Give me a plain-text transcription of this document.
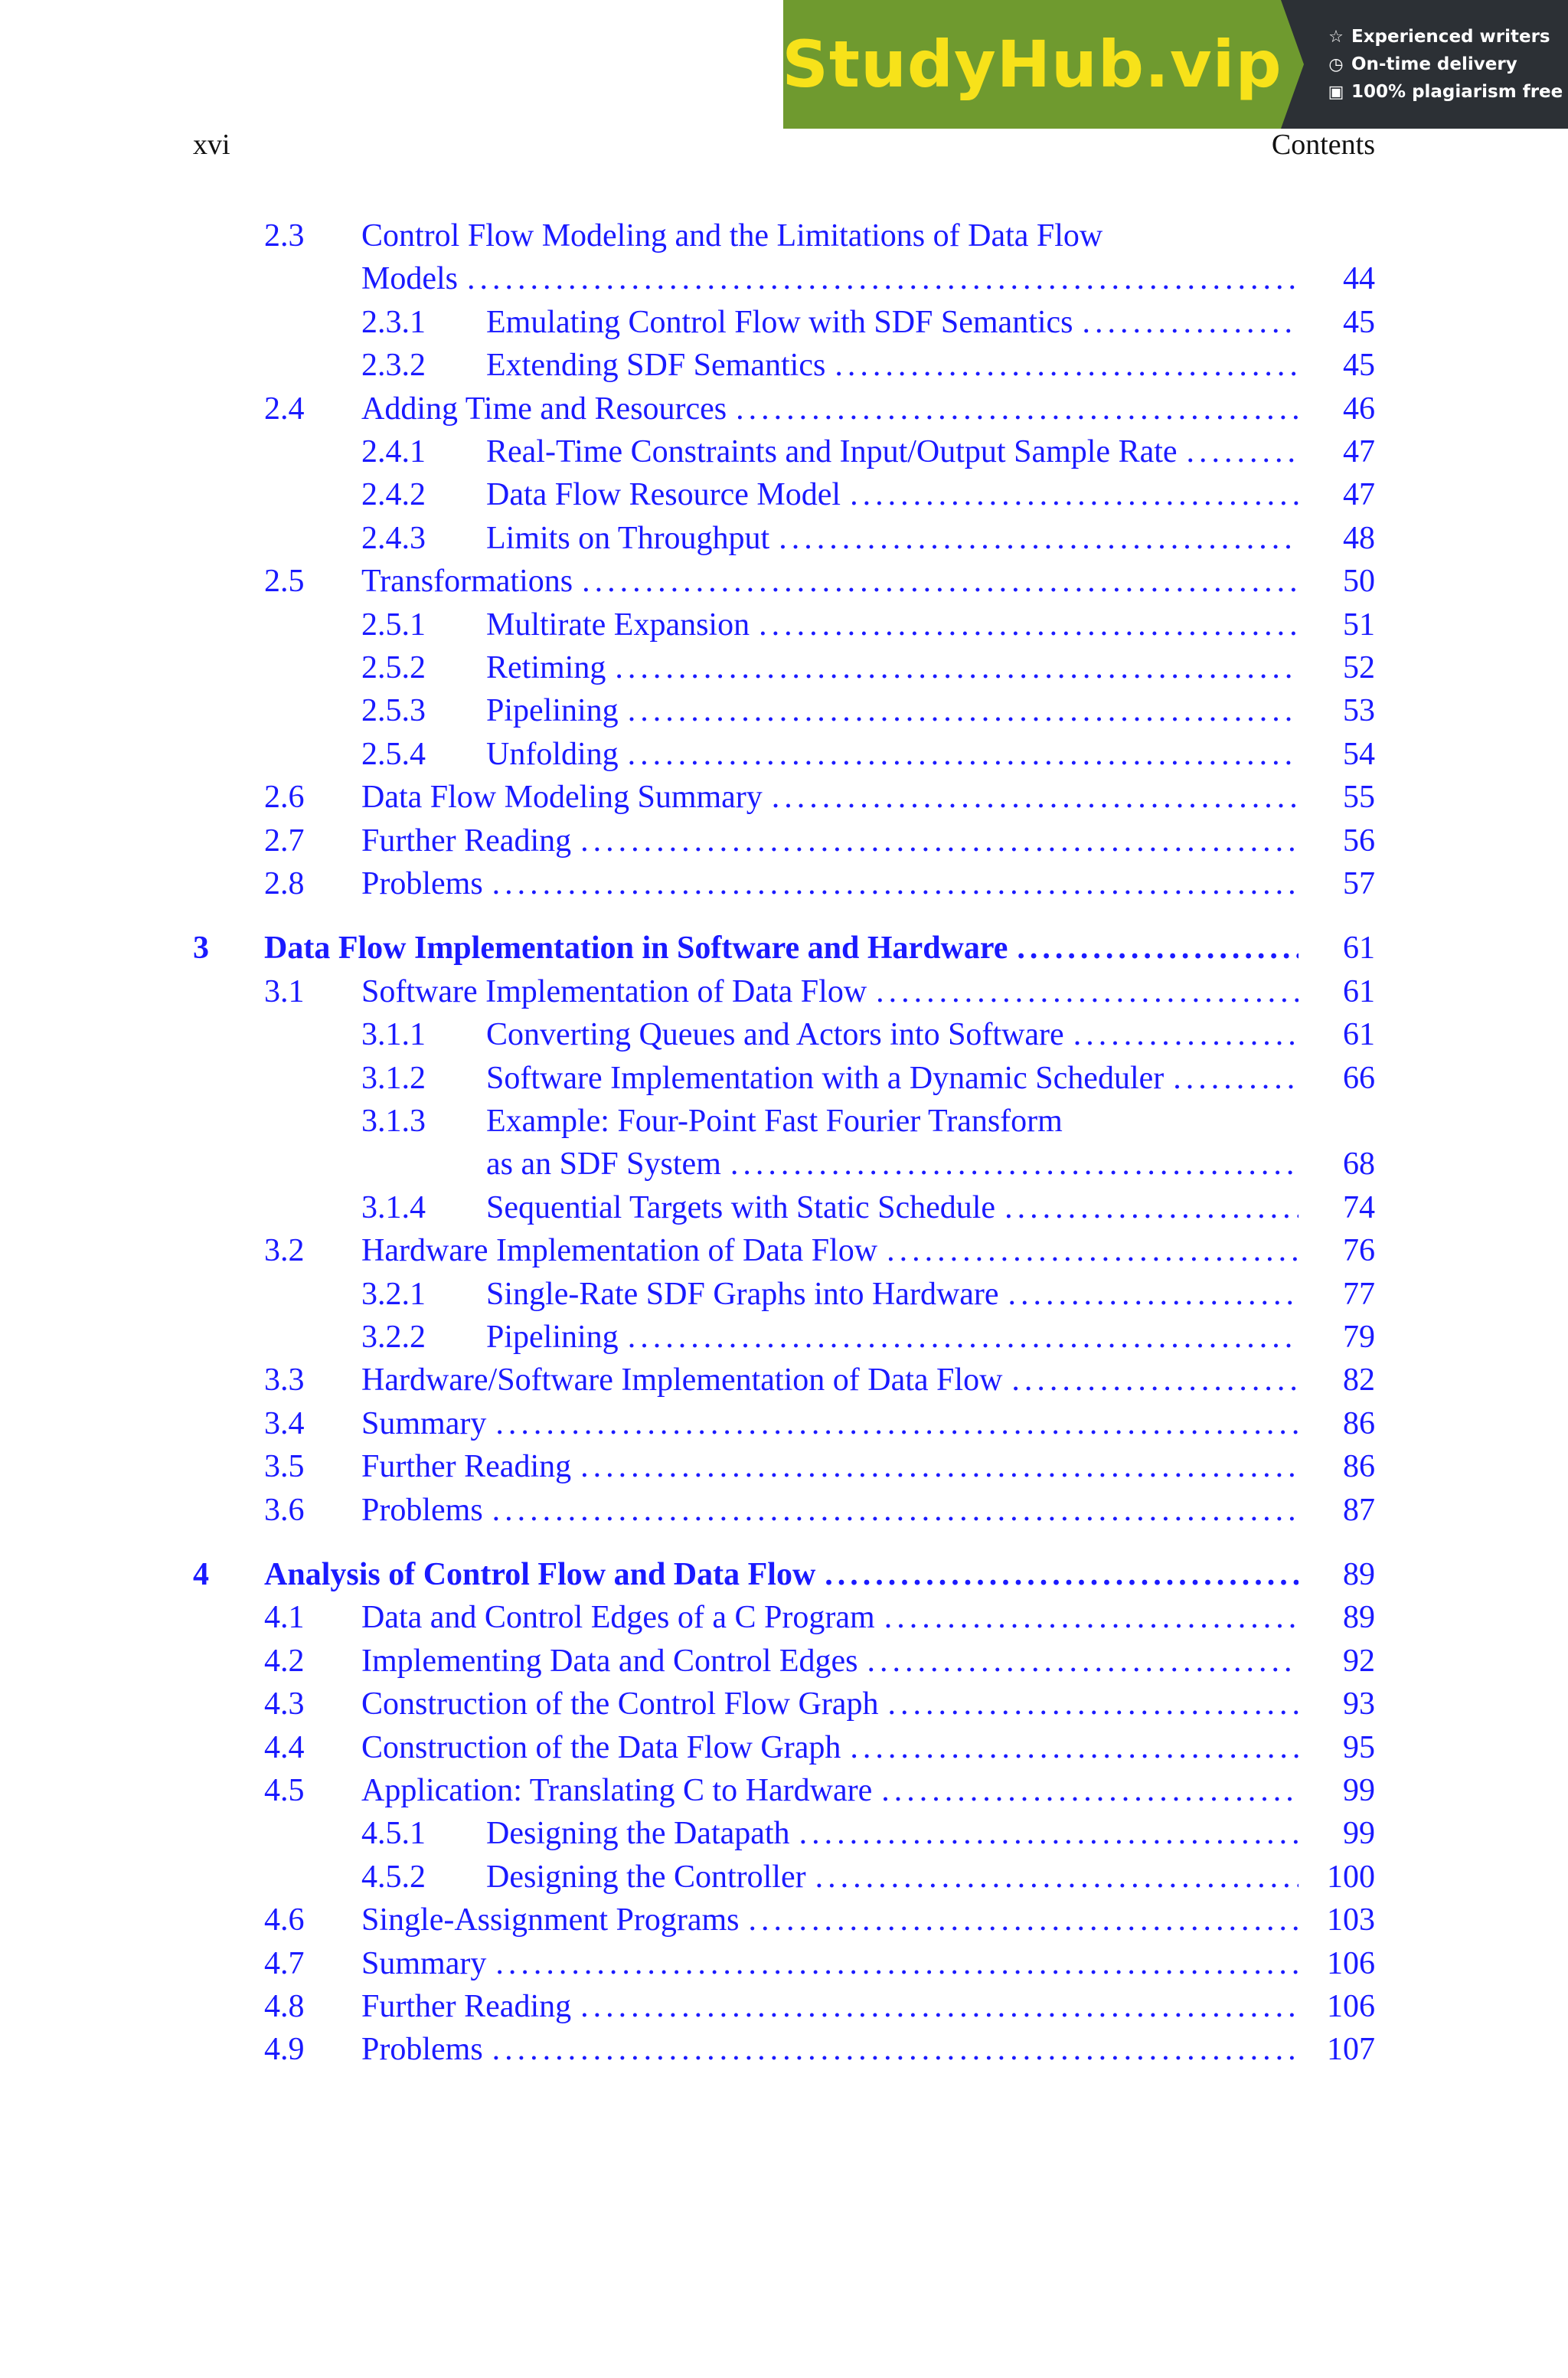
StudyHub.vip	☆ Experienced writers
◷ On-time delivery
▣ 100% plagiarism free
xvi	Contents
2.3 Control Flow Modeling and the Limitations of Data Flow
Models .....	44
2.3.1 Emulating Control Flow with SDF Semantics .....	45
2.3.2 Extending SDF Semantics .....	45
2.4 Adding Time and Resources .....	46
2.4.1 Real-Time Constraints and Input/Output Sample Rate .....	47
2.4.2 Data Flow Resource Model .....	47
2.4.3 Limits on Throughput .....	48
2.5 Transformations .....	50
2.5.1 Multirate Expansion .....	51
2.5.2 Retiming .....	52
2.5.3 Pipelining .....	53
2.5.4 Unfolding .....	54
2.6 Data Flow Modeling Summary .....	55
2.7 Further Reading .....	56
2.8 Problems .....	57
3 Data Flow Implementation in Software and Hardware .....	61
3.1 Software Implementation of Data Flow .....	61
3.1.1 Converting Queues and Actors into Software .....	61
3.1.2 Software Implementation with a Dynamic Scheduler .....	66
3.1.3 Example: Four-Point Fast Fourier Transform
as an SDF System .....	68
3.1.4 Sequential Targets with Static Schedule .....	74
3.2 Hardware Implementation of Data Flow .....	76
3.2.1 Single-Rate SDF Graphs into Hardware .....	77
3.2.2 Pipelining .....	79
3.3 Hardware/Software Implementation of Data Flow .....	82
3.4 Summary .....	86
3.5 Further Reading .....	86
3.6 Problems .....	87
4 Analysis of Control Flow and Data Flow .....	89
4.1 Data and Control Edges of a C Program .....	89
4.2 Implementing Data and Control Edges .....	92
4.3 Construction of the Control Flow Graph .....	93
4.4 Construction of the Data Flow Graph .....	95
4.5 Application: Translating C to Hardware .....	99
4.5.1 Designing the Datapath .....	99
4.5.2 Designing the Controller .....	100
4.6 Single-Assignment Programs .....	103
4.7 Summary .....	106
4.8 Further Reading .....	106
4.9 Problems .....	107
